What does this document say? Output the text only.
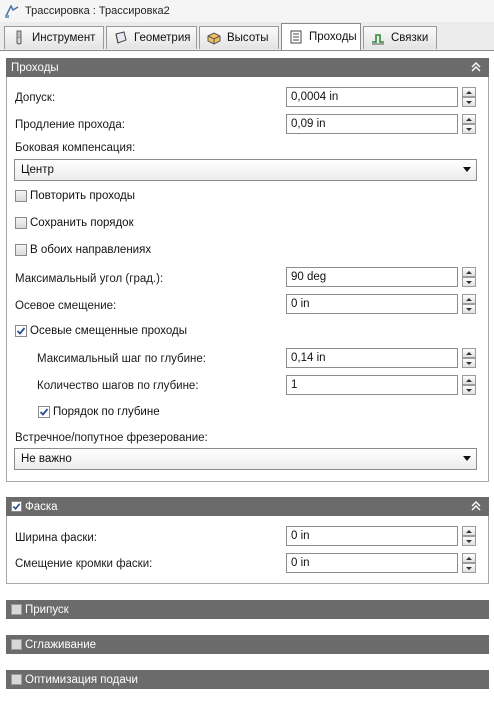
Трассировка : Трассировка2
Инструмент	Геометрия	Высоты	Проходы	Связки
Проходы
Допуск:	0,0004 in
Продление прохода:	0,09 in
Боковая компенсация:
Центр
Повторить проходы
Сохранить порядок
В обоих направлениях
Максимальный угол (град.):	90 deg
Осевое смещение:	0 in
Осевые смещенные проходы
Максимальный шаг по глубине:	0,14 in
Количество шагов по глубине:	1
Порядок по глубине
Встречное/попутное фрезерование:
Не важно
Фаска
Ширина фаски:	0 in
Смещение кромки фаски:	0 in
Припуск
Сглаживание
Оптимизация подачи
